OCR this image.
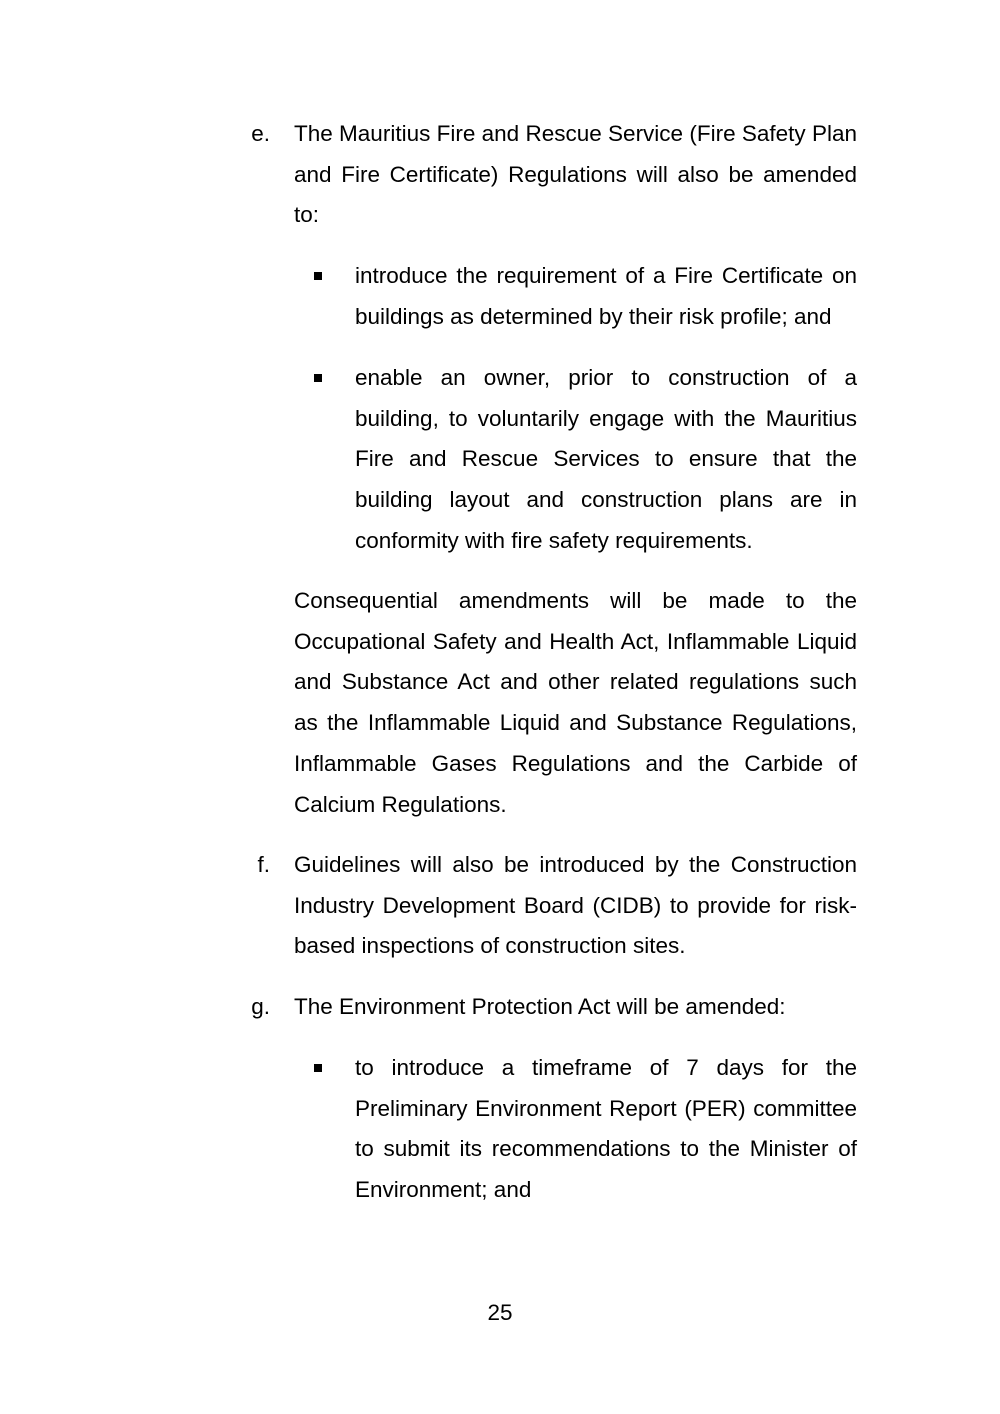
e. The Mauritius Fire and Rescue Service (Fire Safety Plan and Fire Certificate) Regulations will also be amended to:

introduce the requirement of a Fire Certificate on buildings as determined by their risk profile; and

enable an owner, prior to construction of a building, to voluntarily engage with the Mauritius Fire and Rescue Services to ensure that the building layout and construction plans are in conformity with fire safety requirements.

Consequential amendments will be made to the Occupational Safety and Health Act, Inflammable Liquid and Substance Act and other related regulations such as the Inflammable Liquid and Substance Regulations, Inflammable Gases Regulations and the Carbide of Calcium Regulations.

f. Guidelines will also be introduced by the Construction Industry Development Board (CIDB) to provide for risk-based inspections of construction sites.

g. The Environment Protection Act will be amended:

to introduce a timeframe of 7 days for the Preliminary Environment Report (PER) committee to submit its recommendations to the Minister of Environment; and

25
